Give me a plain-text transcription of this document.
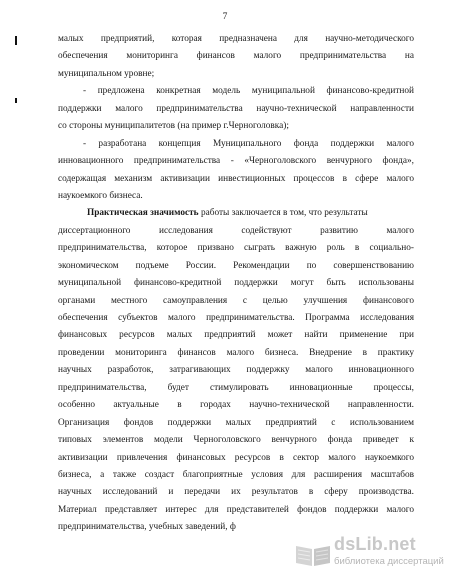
7
малых предприятий, которая предназначена для научно-методического
обеспечения мониторинга финансов малого предпринимательства на
муниципальном уровне;
- предложена конкретная модель муниципальной финансово-кредитной
поддержки малого предпринимательства научно-технической направленности
со стороны муниципалитетов (на пример г.Черноголовка);
- разработана концепция Муниципального фонда поддержки малого
инновационного предпринимательства - «Черноголовского венчурного фонда»,
содержащая механизм активизации инвестиционных процессов в сфере малого
наукоемкого бизнеса.
Практическая значимость работы заключается в том, что результаты
диссертационного исследования содействуют развитию малого
предпринимательства, которое призвано сыграть важную роль в социально-
экономическом подъеме России. Рекомендации по совершенствованию
муниципальной финансово-кредитной поддержки могут быть использованы
органами местного самоуправления с целью улучшения финансового
обеспечения субъектов малого предпринимательства. Программа исследования
финансовых ресурсов малых предприятий может найти применение при
проведении мониторинга финансов малого бизнеса. Внедрение в практику
научных разработок, затрагивающих поддержку малого инновационного
предпринимательства, будет стимулировать инновационные процессы,
особенно актуальные в городах научно-технической направленности.
Организация фондов поддержки малых предприятий с использованием
типовых элементов модели Черноголовского венчурного фонда приведет к
активизации привлечения финансовых ресурсов в сектор малого наукоемкого
бизнеса, а также создаст благоприятные условия для расширения масштабов
научных исследований и передачи их результатов в сферу производства.
Материал представляет интерес для представителей фондов поддержки малого
предпринимательства, учебных заведений, ф
dsLib.net
библиотека диссертаций
